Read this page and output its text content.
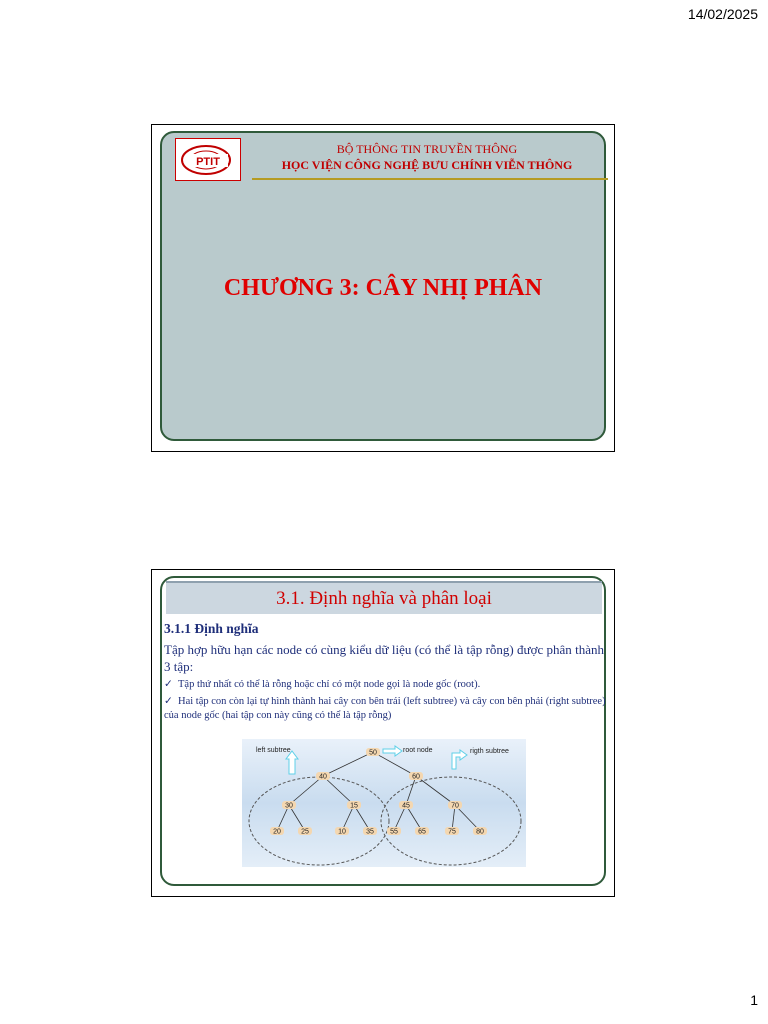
14/02/2025
PTIT
BỘ THÔNG TIN TRUYỀN THÔNG
HỌC VIỆN CÔNG NGHỆ BƯU CHÍNH VIỄN THÔNG
CHƯƠNG 3: CÂY NHỊ PHÂN
3.1. Định nghĩa và phân loại
3.1.1 Định nghĩa
Tập hợp hữu hạn các node có cùng kiểu dữ liệu (có thể là tập rỗng) được phân thành 3 tập:
✓ Tập thứ nhất có thể là rỗng hoặc chỉ có một node gọi là node gốc (root).
✓ Hai tập con còn lại tự hình thành hai cây con bên trái (left subtree) và cây con bên phải (right subtree) của node gốc (hai tập con này cũng có thể là tập rỗng)
left subtree	root node	rigth subtree
50
40	60
30	15	45	70
20	25	10	35 55	65	75	80
1
